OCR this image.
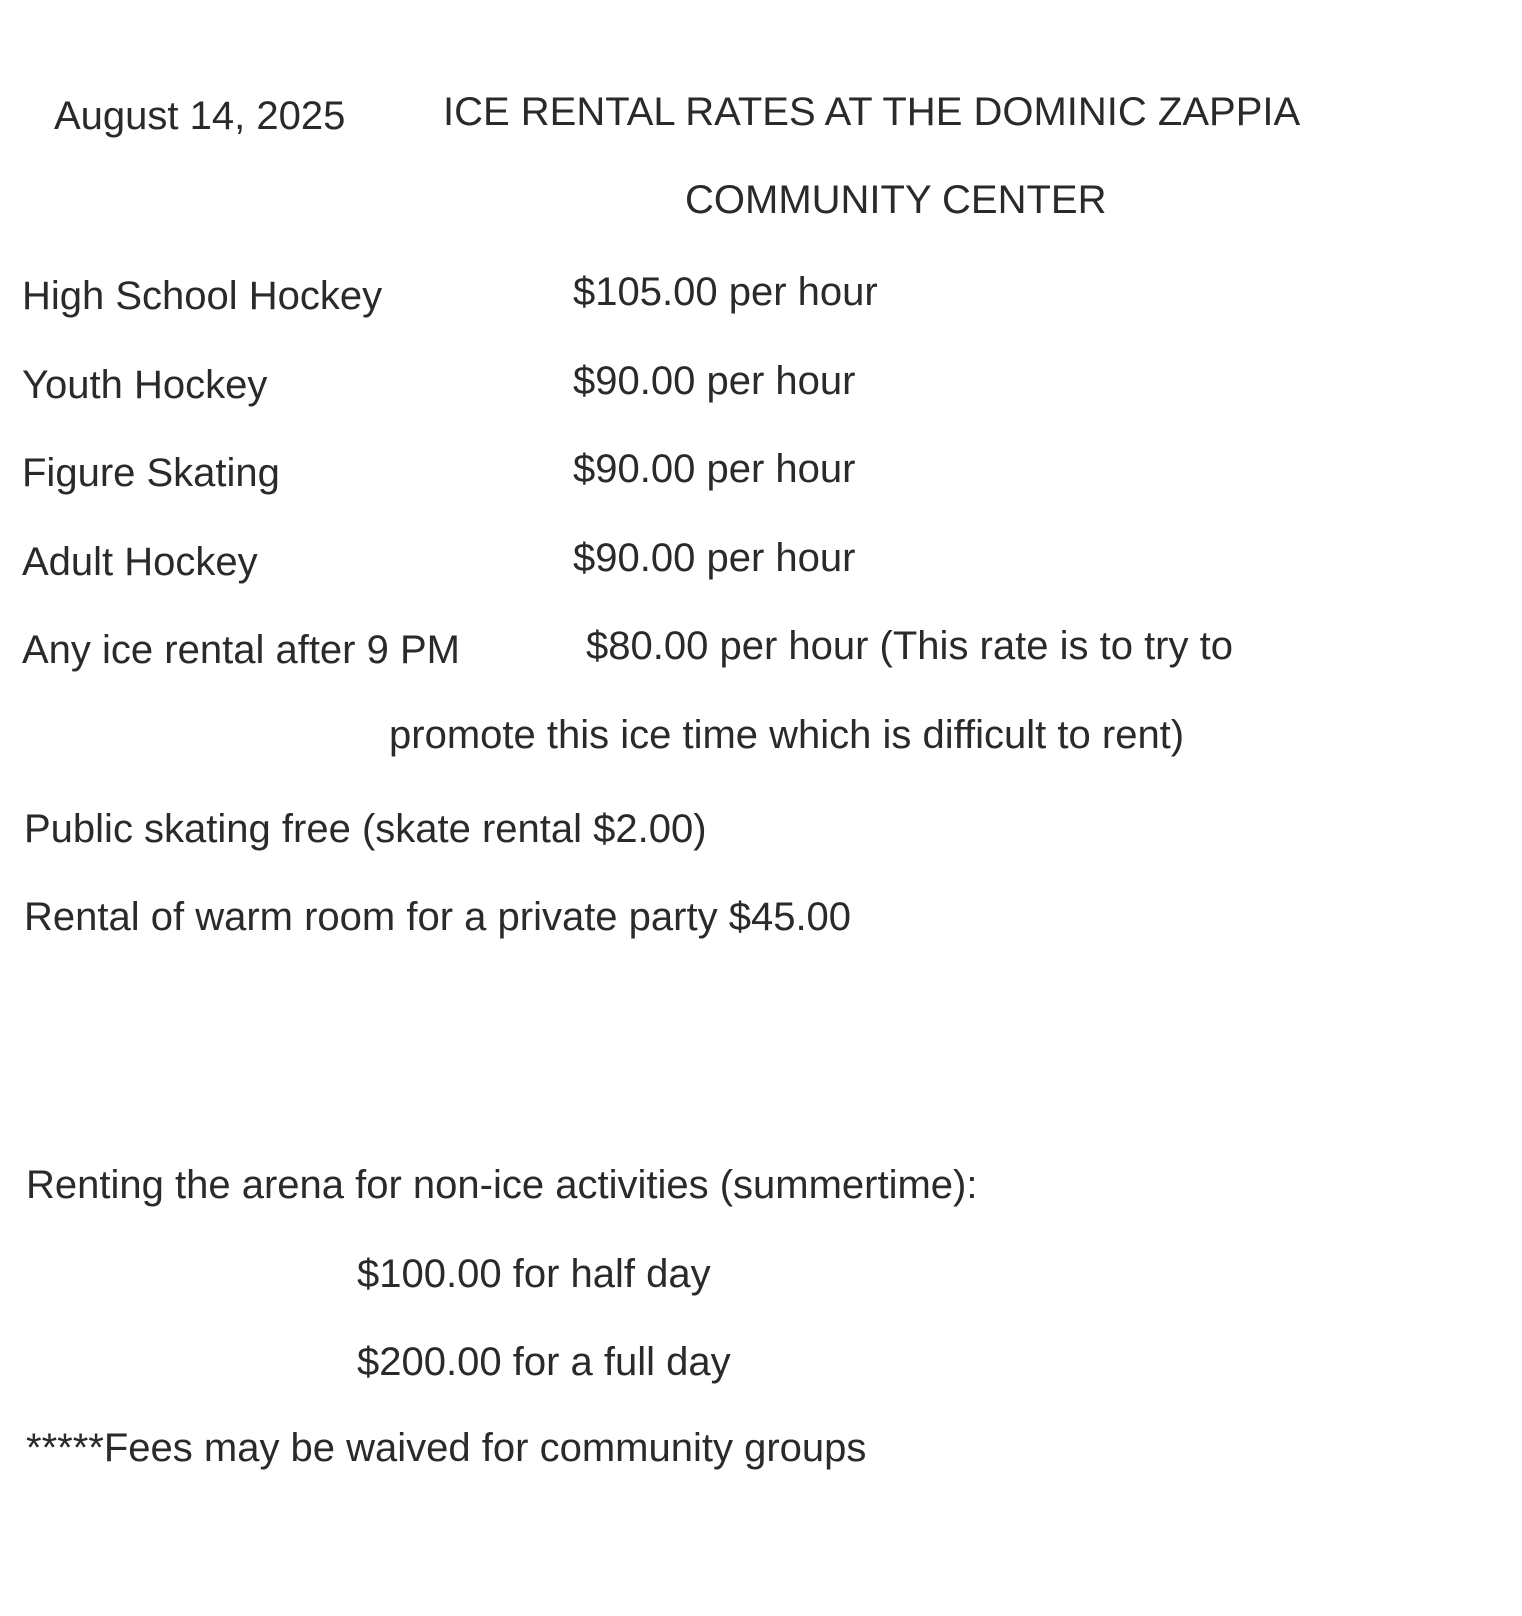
August 14, 2025 ICE RENTAL RATES AT THE DOMINIC ZAPPIA
COMMUNITY CENTER
High School Hockey	$105.00 per hour
Youth Hockey	$90.00 per hour
Figure Skating	$90.00 per hour
Adult Hockey	$90.00 per hour
Any ice rental after 9 PM	$80.00 per hour (This rate is to try to
promote this ice time which is difficult to rent)
Public skating free (skate rental $2.00)
Rental of warm room for a private party $45.00
Renting the arena for non-ice activities (summertime):
$100.00 for half day
$200.00 for a full day
*****Fees may be waived for community groups
